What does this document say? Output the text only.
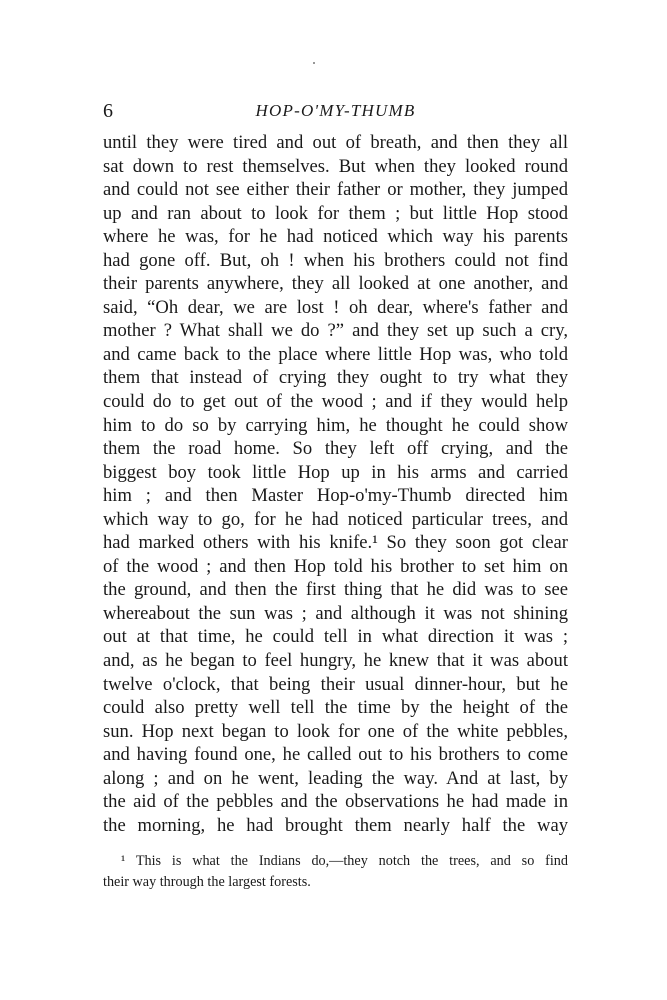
6	HOP-O'MY-THUMB
until they were tired and out of breath, and then they all
sat down to rest themselves. But when they looked round
and could not see either their father or mother, they jumped
up and ran about to look for them ; but little Hop stood
where he was, for he had noticed which way his parents
had gone off. But, oh ! when his brothers could not find
their parents anywhere, they all looked at one another, and
said, “Oh dear, we are lost ! oh dear, where's father and
mother ? What shall we do ?” and they set up such a cry,
and came back to the place where little Hop was, who told
them that instead of crying they ought to try what they
could do to get out of the wood ; and if they would help
him to do so by carrying him, he thought he could show
them the road home. So they left off crying, and the
biggest boy took little Hop up in his arms and carried
him ; and then Master Hop-o'my-Thumb directed him
which way to go, for he had noticed particular trees, and
had marked others with his knife.¹ So they soon got clear
of the wood ; and then Hop told his brother to set him on
the ground, and then the first thing that he did was to see
whereabout the sun was ; and although it was not shining
out at that time, he could tell in what direction it was ;
and, as he began to feel hungry, he knew that it was about
twelve o'clock, that being their usual dinner-hour, but he
could also pretty well tell the time by the height of the
sun. Hop next began to look for one of the white pebbles,
and having found one, he called out to his brothers to come
along ; and on he went, leading the way. And at last, by
the aid of the pebbles and the observations he had made in
the morning, he had brought them nearly half the way
¹ This is what the Indians do,—they notch the trees, and so find
their way through the largest forests.
